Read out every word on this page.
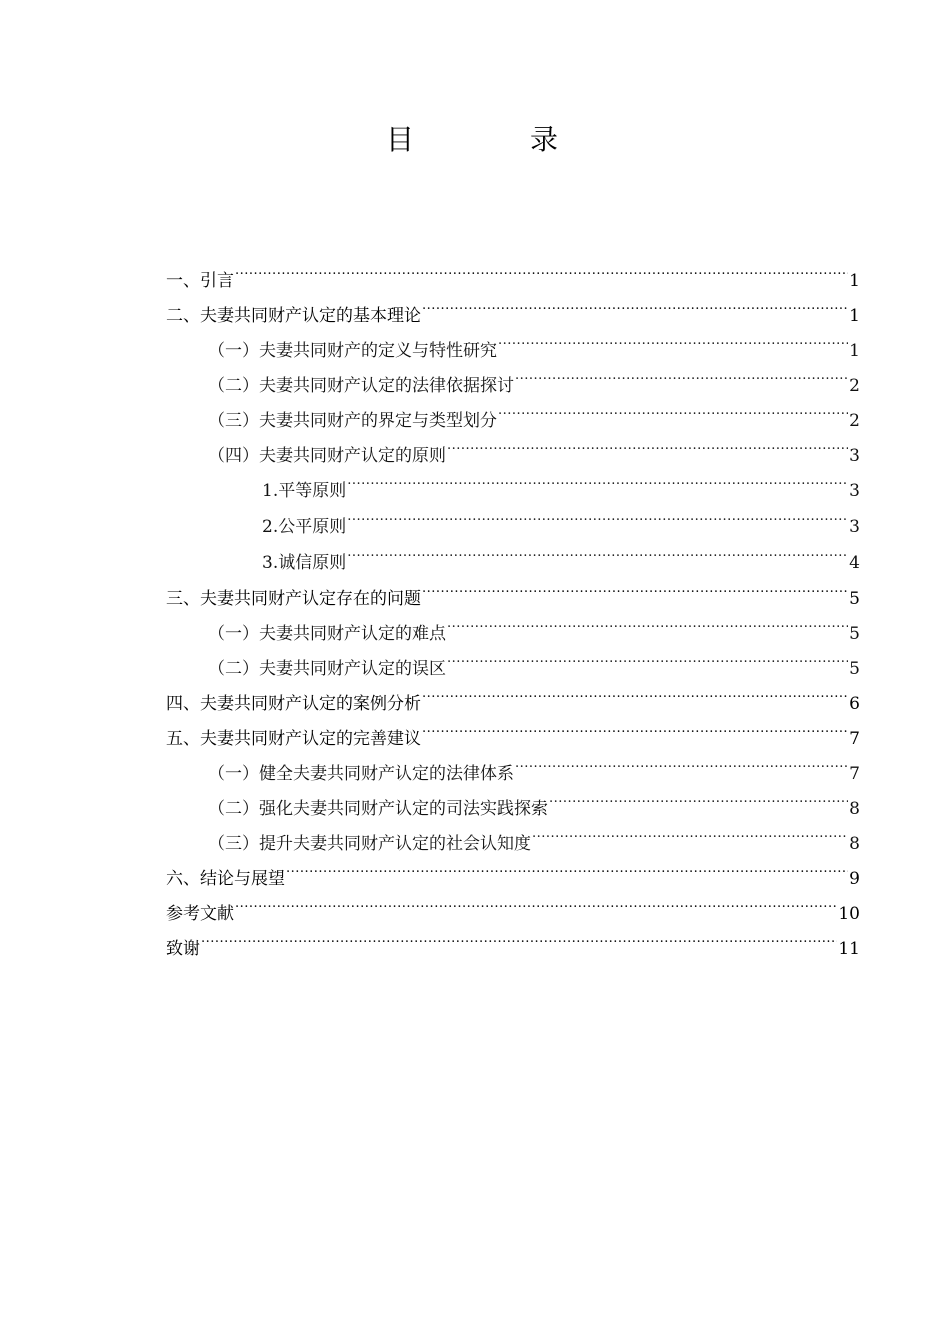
目　录
一、引言 .....	1
二、夫妻共同财产认定的基本理论 .....	1
（一）夫妻共同财产的定义与特性研究 .....	1
（二）夫妻共同财产认定的法律依据探讨 .....	2
（三）夫妻共同财产的界定与类型划分 .....	2
（四）夫妻共同财产认定的原则 .....	3
1.平等原则 .....	3
2.公平原则 .....	3
3.诚信原则 .....	4
三、夫妻共同财产认定存在的问题 .....	5
（一）夫妻共同财产认定的难点 .....	5
（二）夫妻共同财产认定的误区 .....	5
四、夫妻共同财产认定的案例分析 .....	6
五、夫妻共同财产认定的完善建议 .....	7
（一）健全夫妻共同财产认定的法律体系 .....	7
（二）强化夫妻共同财产认定的司法实践探索 .....	8
（三）提升夫妻共同财产认定的社会认知度 .....	8
六、结论与展望 .....	9
参考文献 .....	10
致谢 .....	11
